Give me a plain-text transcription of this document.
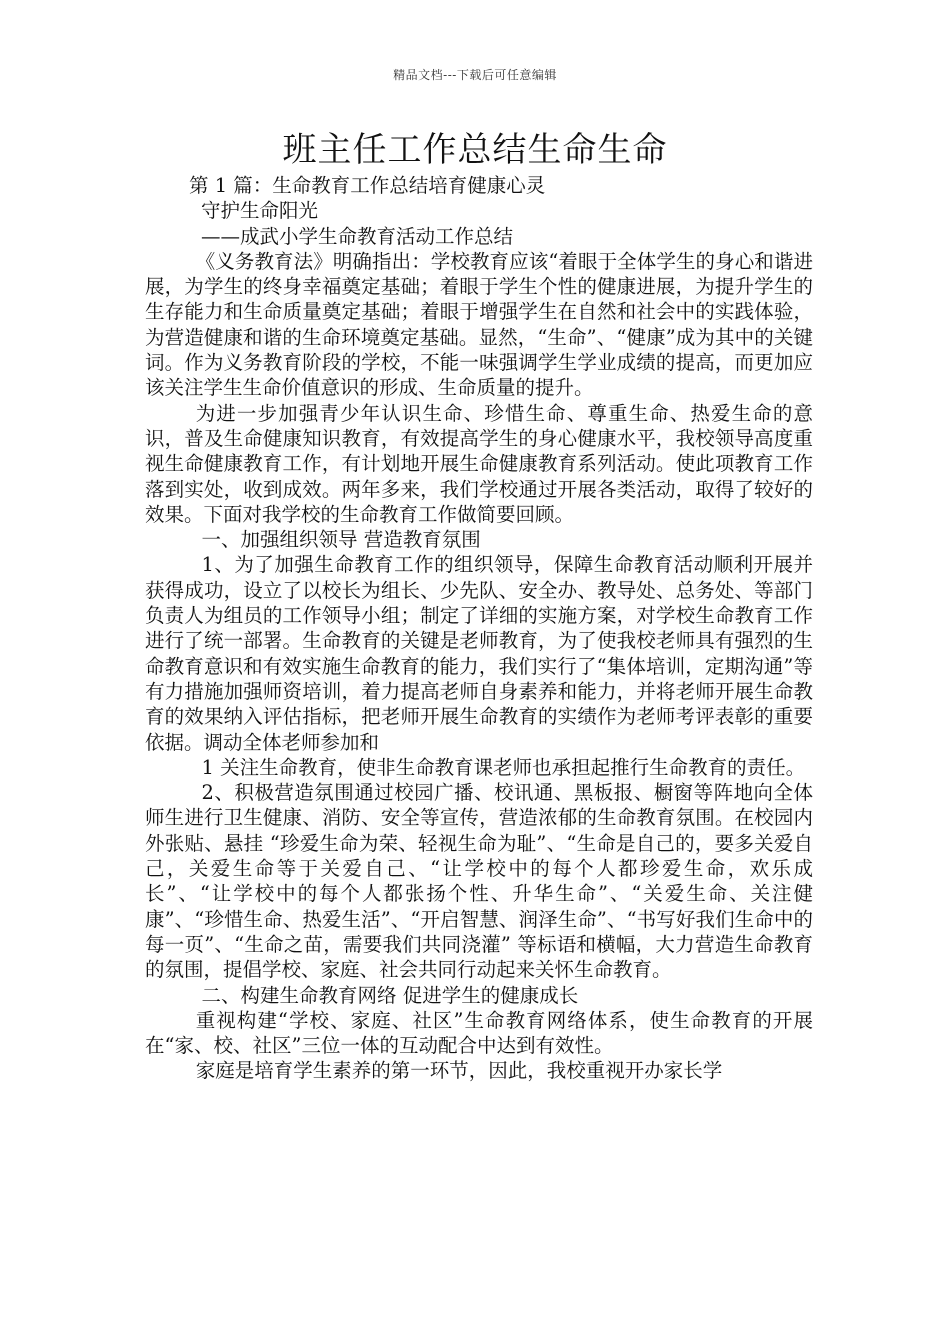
精品文档---下载后可任意编辑
班主任工作总结生命生命

第 1 篇：生命教育工作总结培育健康心灵

守护生命阳光

——成武小学生命教育活动工作总结

《义务教育法》明确指出：学校教育应该“着眼于全体学生的身心和谐进展，为学生的终身幸福奠定基础；着眼于学生个性的健康进展，为提升学生的生存能力和生命质量奠定基础；着眼于增强学生在自然和社会中的实践体验，为营造健康和谐的生命环境奠定基础。显然，“生命”、“健康”成为其中的关键词。作为义务教育阶段的学校，不能一味强调学生学业成绩的提高，而更加应该关注学生生命价值意识的形成、生命质量的提升。

为进一步加强青少年认识生命、珍惜生命、尊重生命、热爱生命的意识，普及生命健康知识教育，有效提高学生的身心健康水平，我校领导高度重视生命健康教育工作，有计划地开展生命健康教育系列活动。使此项教育工作落到实处，收到成效。两年多来，我们学校通过开展各类活动，取得了较好的效果。下面对我学校的生命教育工作做简要回顾。

一、加强组织领导 营造教育氛围

1、为了加强生命教育工作的组织领导，保障生命教育活动顺利开展并获得成功，设立了以校长为组长、少先队、安全办、教导处、总务处、等部门负责人为组员的工作领导小组；制定了详细的实施方案，对学校生命教育工作进行了统一部署。生命教育的关键是老师教育，为了使我校老师具有强烈的生命教育意识和有效实施生命教育的能力，我们实行了“集体培训，定期沟通”等有力措施加强师资培训，着力提高老师自身素养和能力，并将老师开展生命教育的效果纳入评估指标，把老师开展生命教育的实绩作为老师考评表彰的重要依据。调动全体老师参加和

1 关注生命教育，使非生命教育课老师也承担起推行生命教育的责任。

2、积极营造氛围通过校园广播、校讯通、黑板报、橱窗等阵地向全体师生进行卫生健康、消防、安全等宣传，营造浓郁的生命教育氛围。在校园内外张贴、悬挂 “珍爱生命为荣、轻视生命为耻”、“生命是自己的，要多关爱自己，关爱生命等于关爱自己、“让学校中的每个人都珍爱生命，欢乐成长”、“让学校中的每个人都张扬个性、升华生命”、“关爱生命、关注健康”、“珍惜生命、热爱生活”、“开启智慧、润泽生命”、“书写好我们生命中的每一页”、“生命之苗，需要我们共同浇灌” 等标语和横幅，大力营造生命教育的氛围，提倡学校、家庭、社会共同行动起来关怀生命教育。

二、构建生命教育网络 促进学生的健康成长

重视构建“学校、家庭、社区”生命教育网络体系，使生命教育的开展在“家、校、社区”三位一体的互动配合中达到有效性。

家庭是培育学生素养的第一环节，因此，我校重视开办家长学
